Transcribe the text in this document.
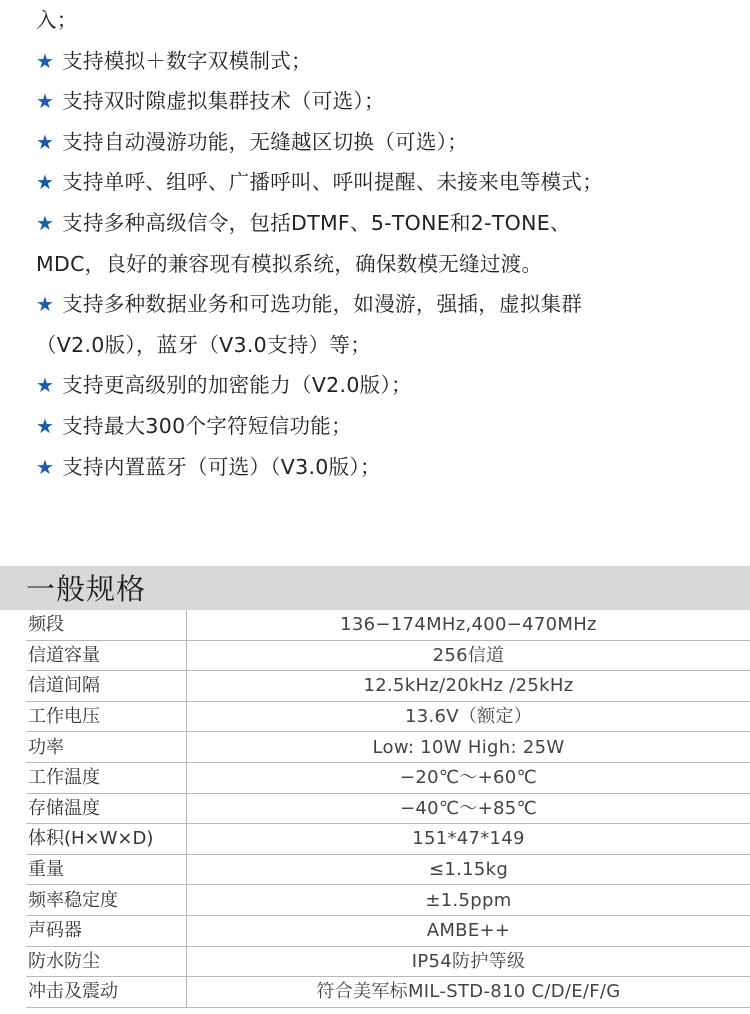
入；
★ 支持模拟＋数字双模制式；
★ 支持双时隙虚拟集群技术（可选）；
★ 支持自动漫游功能，无缝越区切换（可选）；
★ 支持单呼、组呼、广播呼叫、呼叫提醒、未接来电等模式；
★ 支持多种高级信令，包括DTMF、5-TONE和2-TONE、
MDC，良好的兼容现有模拟系统，确保数模无缝过渡。
★ 支持多种数据业务和可选功能，如漫游，强插，虚拟集群
（V2.0版），蓝牙（V3.0支持）等；
★ 支持更高级别的加密能力（V2.0版）；
★ 支持最大300个字符短信功能；
★ 支持内置蓝牙（可选）（V3.0版）；
一般规格
频段	136−174MHz,400−470MHz
信道容量	256信道
信道间隔	12.5kHz/20kHz /25kHz
工作电压	13.6V（额定）
功率	Low: 10W High: 25W
工作温度	−20℃～+60℃
存储温度	−40℃～+85℃
体积(H×W×D)	151*47*149
重量	≤1.15kg
频率稳定度	±1.5ppm
声码器	AMBE++
防水防尘	IP54防护等级
冲击及震动	符合美军标MIL-STD-810 C/D/E/F/G
